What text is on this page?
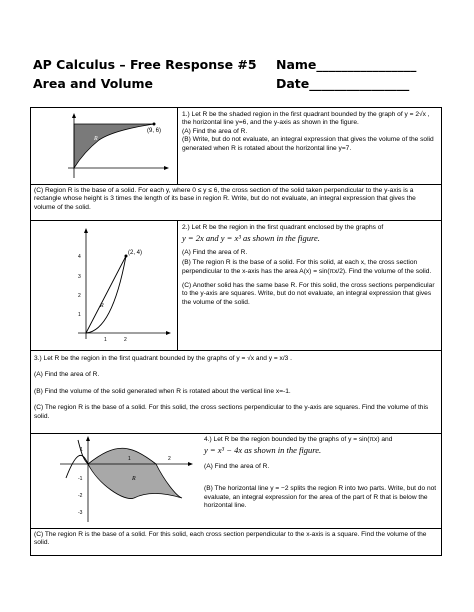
AP Calculus – Free Response #5
Area and Volume
Name________________
Date________________
(9, 6)
R
1.) Let R be the shaded region in the first quadrant bounded by the graph of y = 2√x , the horizontal line y=6, and the y-axis as shown in the figure.
(A) Find the area of R.
(B) Write, but do not evaluate, an integral expression that gives the volume of the solid generated when R is rotated about the horizontal line y=7.
(C) Region R is the base of a solid. For each y, where 0 ≤ y ≤ 6, the cross section of the solid taken perpendicular to the y-axis is a rectangle whose height is 3 times the length of its base in region R. Write, but do not evaluate, an integral expression that gives the volume of the solid.
(2, 4)
R
4
3
2
1
1	2
2.) Let R be the region in the first quadrant enclosed by the graphs of
y = 2x and y = x³ as shown in the figure.
(A) Find the area of R.
(B) The region R is the base of a solid. For this solid, at each x, the cross section perpendicular to the x-axis has the area A(x) = sin(πx/2). Find the volume of the solid.
(C) Another solid has the same base R. For this solid, the cross sections perpendicular to the y-axis are squares. Write, but do not evaluate, an integral expression that gives the volume of the solid.
3.) Let R be the region in the first quadrant bounded by the graphs of y = √x and y = x/3 .
(A) Find the area of R.
(B) Find the volume of the solid generated when R is rotated about the vertical line x=-1.
(C) The region R is the base of a solid. For this solid, the cross sections perpendicular to the y-axis are squares. Find the volume of this solid.
R
1
-1
-2
-3
1	2
4.) Let R be the region bounded by the graphs of y = sin(πx) and
y = x³ − 4x as shown in the figure.
(A) Find the area of R.
(B) The horizontal line y = −2 splits the region R into two parts. Write, but do not evaluate, an integral expression for the area of the part of R that is below the horizontal line.
(C) The region R is the base of a solid. For this solid, each cross section perpendicular to the x-axis is a square. Find the volume of the solid.
